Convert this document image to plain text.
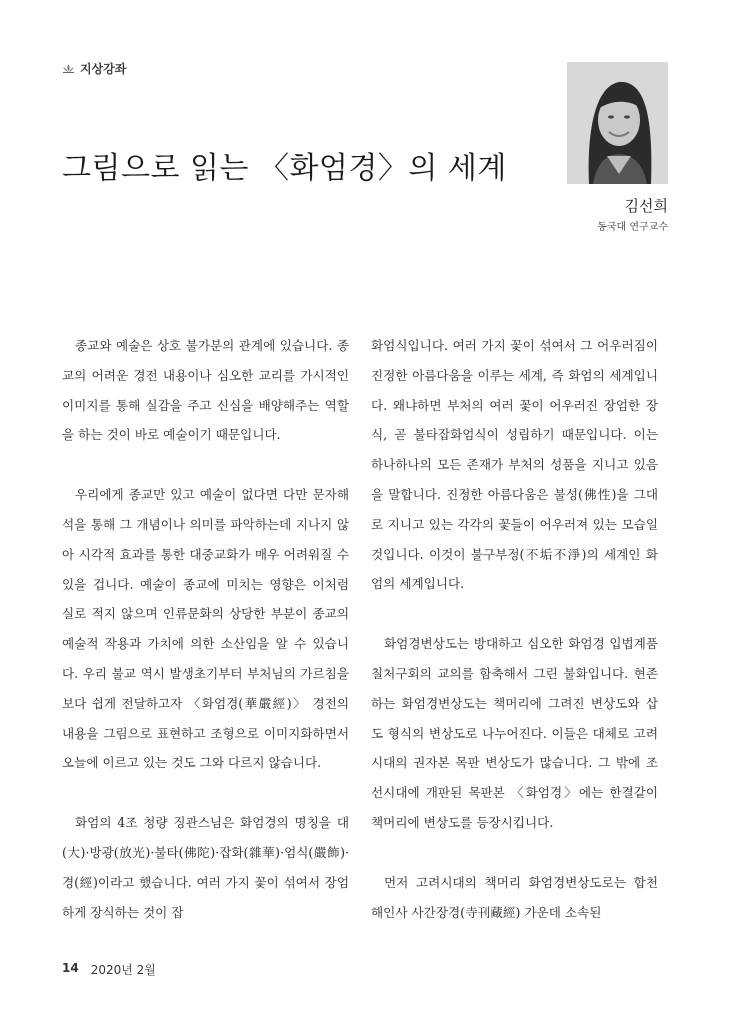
지상강좌
그림으로 읽는 〈화엄경〉의 세계
김선희
동국대 연구교수

종교와 예술은 상호 불가분의 관계에 있습니다. 종교의 어려운 경전 내용이나 심오한 교리를 가시적인 이미지를 통해 실감을 주고 신심을 배양해주는 역할을 하는 것이 바로 예술이기 때문입니다.

우리에게 종교만 있고 예술이 없다면 다만 문자해석을 통해 그 개념이나 의미를 파악하는데 지나지 않아 시각적 효과를 통한 대중교화가 매우 어려워질 수 있을 겁니다. 예술이 종교에 미치는 영향은 이처럼 실로 적지 않으며 인류문화의 상당한 부분이 종교의 예술적 작용과 가치에 의한 소산임을 알 수 있습니다. 우리 불교 역시 발생초기부터 부처님의 가르침을 보다 쉽게 전달하고자 〈화엄경(華嚴經)〉 경전의 내용을 그림으로 표현하고 조형으로 이미지화하면서 오늘에 이르고 있는 것도 그와 다르지 않습니다.

화엄의 4조 청량 징관스님은 화엄경의 명칭을 대(大)·방광(放光)·불타(佛陀)·잡화(雜華)·엄식(嚴飾)·경(經)이라고 했습니다. 여러 가지 꽃이 섞여서 장엄하게 장식하는 것이 잡

화엄식입니다. 여러 가지 꽃이 섞여서 그 어우러짐이 진정한 아름다움을 이루는 세계, 즉 화엄의 세계입니다. 왜냐하면 부처의 여러 꽃이 어우러진 장엄한 장식, 곧 불타잡화엄식이 성립하기 때문입니다. 이는 하나하나의 모든 존재가 부처의 성품을 지니고 있음을 말합니다. 진정한 아름다움은 불성(佛性)을 그대로 지니고 있는 각각의 꽃들이 어우러져 있는 모습일 것입니다. 이것이 불구부정(不垢不淨)의 세계인 화엄의 세계입니다.

화엄경변상도는 방대하고 심오한 화엄경 입법계품 칠처구회의 교의를 함축해서 그린 불화입니다. 현존하는 화엄경변상도는 책머리에 그려진 변상도와 삽도 형식의 변상도로 나누어진다. 이들은 대체로 고려시대의 권자본 목판 변상도가 많습니다. 그 밖에 조선시대에 개판된 목판본 〈화엄경〉에는 한결같이 책머리에 변상도를 등장시킵니다.

먼저 고려시대의 책머리 화엄경변상도로는 합천 해인사 사간장경(寺刊藏經) 가운데 소속된

14 2020년 2월
